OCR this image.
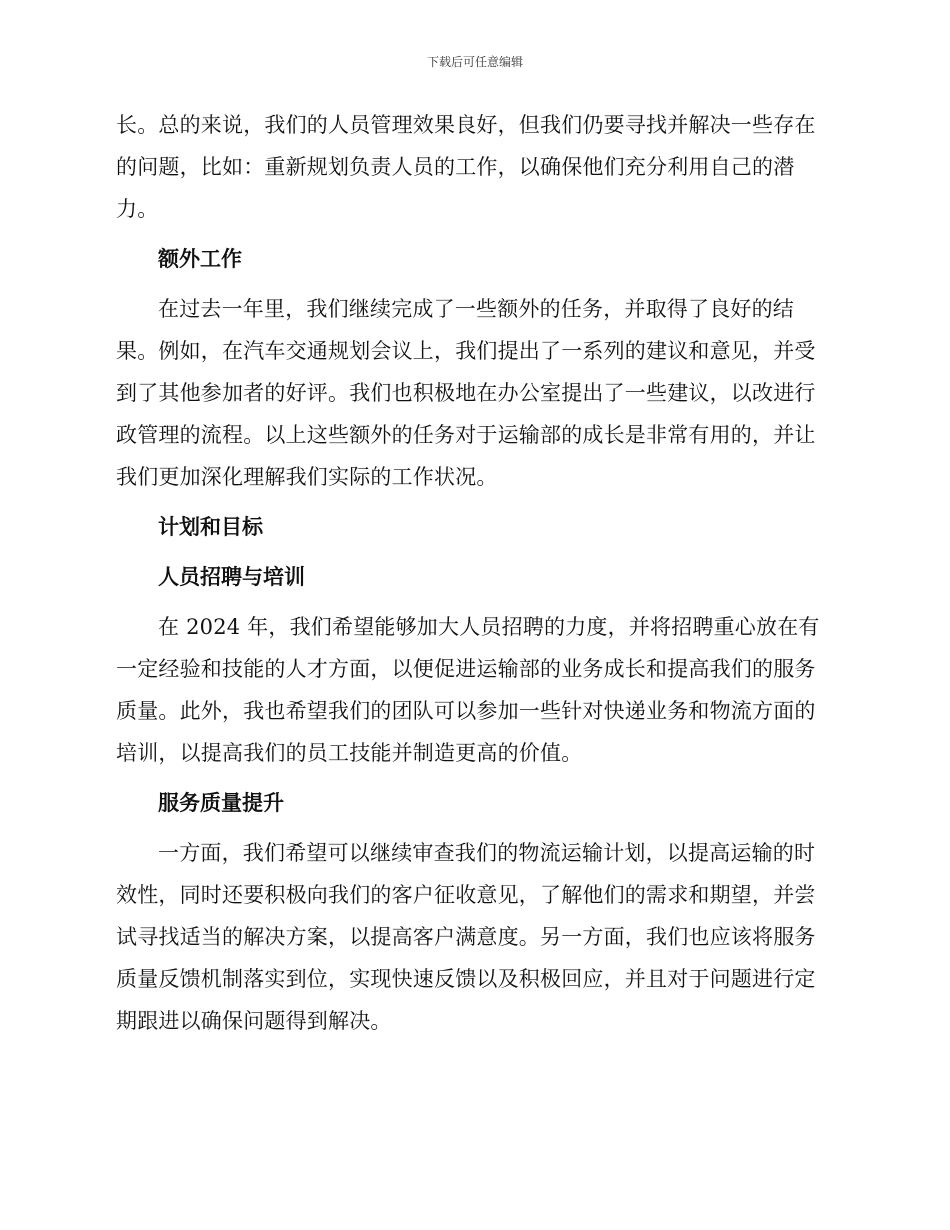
下载后可任意编辑

长。总的来说，我们的人员管理效果良好，但我们仍要寻找并解决一些存在的问题，比如：重新规划负责人员的工作，以确保他们充分利用自己的潜力。

额外工作

在过去一年里，我们继续完成了一些额外的任务，并取得了良好的结果。例如，在汽车交通规划会议上，我们提出了一系列的建议和意见，并受到了其他参加者的好评。我们也积极地在办公室提出了一些建议，以改进行政管理的流程。以上这些额外的任务对于运输部的成长是非常有用的，并让我们更加深化理解我们实际的工作状况。

计划和目标
人员招聘与培训

在 2024 年，我们希望能够加大人员招聘的力度，并将招聘重心放在有一定经验和技能的人才方面，以便促进运输部的业务成长和提高我们的服务质量。此外，我也希望我们的团队可以参加一些针对快递业务和物流方面的培训，以提高我们的员工技能并制造更高的价值。

服务质量提升

一方面，我们希望可以继续审查我们的物流运输计划，以提高运输的时效性，同时还要积极向我们的客户征收意见，了解他们的需求和期望，并尝试寻找适当的解决方案，以提高客户满意度。另一方面，我们也应该将服务质量反馈机制落实到位，实现快速反馈以及积极回应，并且对于问题进行定期跟进以确保问题得到解决。
